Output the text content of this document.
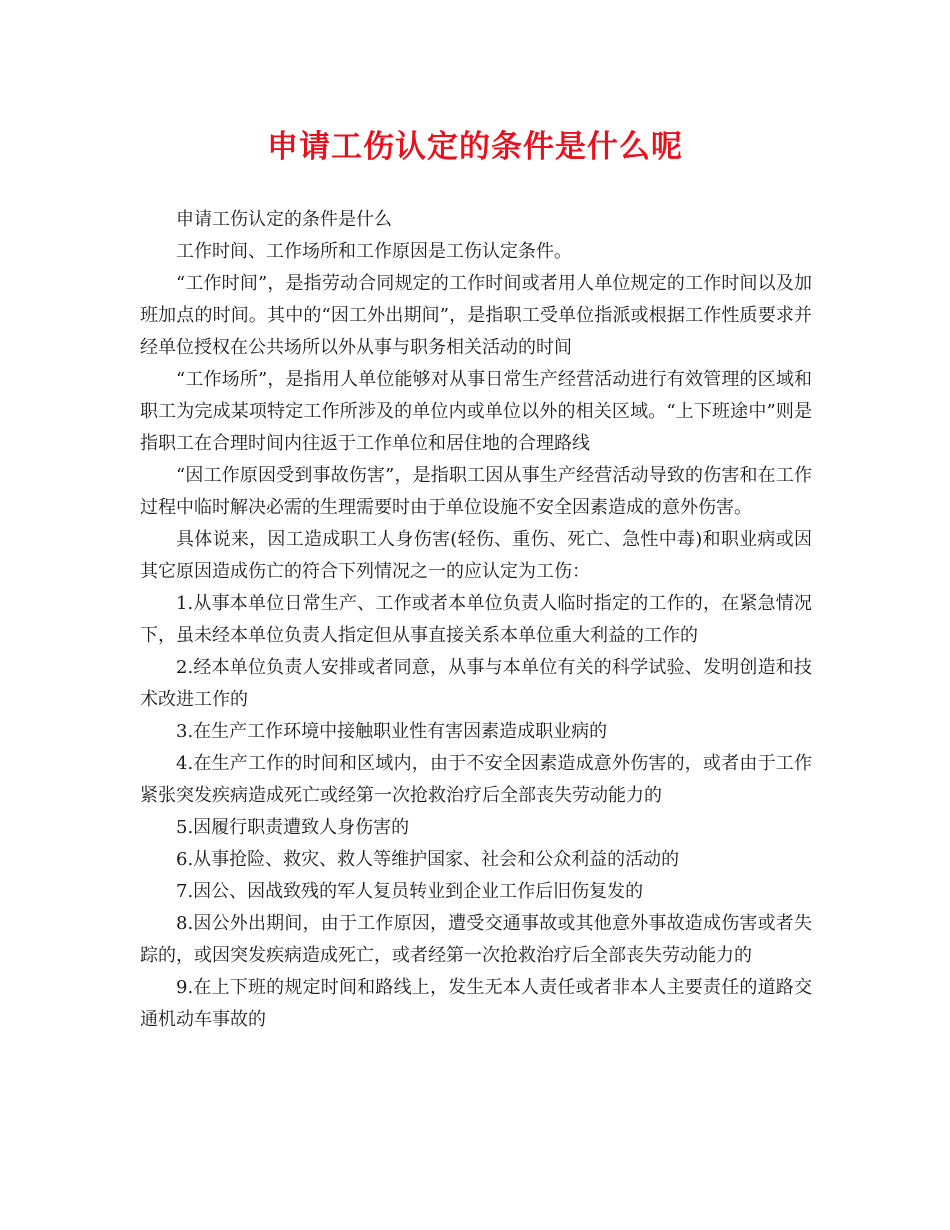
申请工伤认定的条件是什么呢

申请工伤认定的条件是什么

工作时间、工作场所和工作原因是工伤认定条件。

“工作时间”，是指劳动合同规定的工作时间或者用人单位规定的工作时间以及加班加点的时间。其中的“因工外出期间”，是指职工受单位指派或根据工作性质要求并经单位授权在公共场所以外从事与职务相关活动的时间

“工作场所”，是指用人单位能够对从事日常生产经营活动进行有效管理的区域和职工为完成某项特定工作所涉及的单位内或单位以外的相关区域。“上下班途中”则是指职工在合理时间内往返于工作单位和居住地的合理路线

“因工作原因受到事故伤害”，是指职工因从事生产经营活动导致的伤害和在工作过程中临时解决必需的生理需要时由于单位设施不安全因素造成的意外伤害。

具体说来，因工造成职工人身伤害(轻伤、重伤、死亡、急性中毒)和职业病或因其它原因造成伤亡的符合下列情况之一的应认定为工伤：

1.从事本单位日常生产、工作或者本单位负责人临时指定的工作的，在紧急情况下，虽未经本单位负责人指定但从事直接关系本单位重大利益的工作的

2.经本单位负责人安排或者同意，从事与本单位有关的科学试验、发明创造和技术改进工作的

3.在生产工作环境中接触职业性有害因素造成职业病的

4.在生产工作的时间和区域内，由于不安全因素造成意外伤害的，或者由于工作紧张突发疾病造成死亡或经第一次抢救治疗后全部丧失劳动能力的

5.因履行职责遭致人身伤害的

6.从事抢险、救灾、救人等维护国家、社会和公众利益的活动的

7.因公、因战致残的军人复员转业到企业工作后旧伤复发的

8.因公外出期间，由于工作原因，遭受交通事故或其他意外事故造成伤害或者失踪的，或因突发疾病造成死亡，或者经第一次抢救治疗后全部丧失劳动能力的

9.在上下班的规定时间和路线上，发生无本人责任或者非本人主要责任的道路交通机动车事故的
